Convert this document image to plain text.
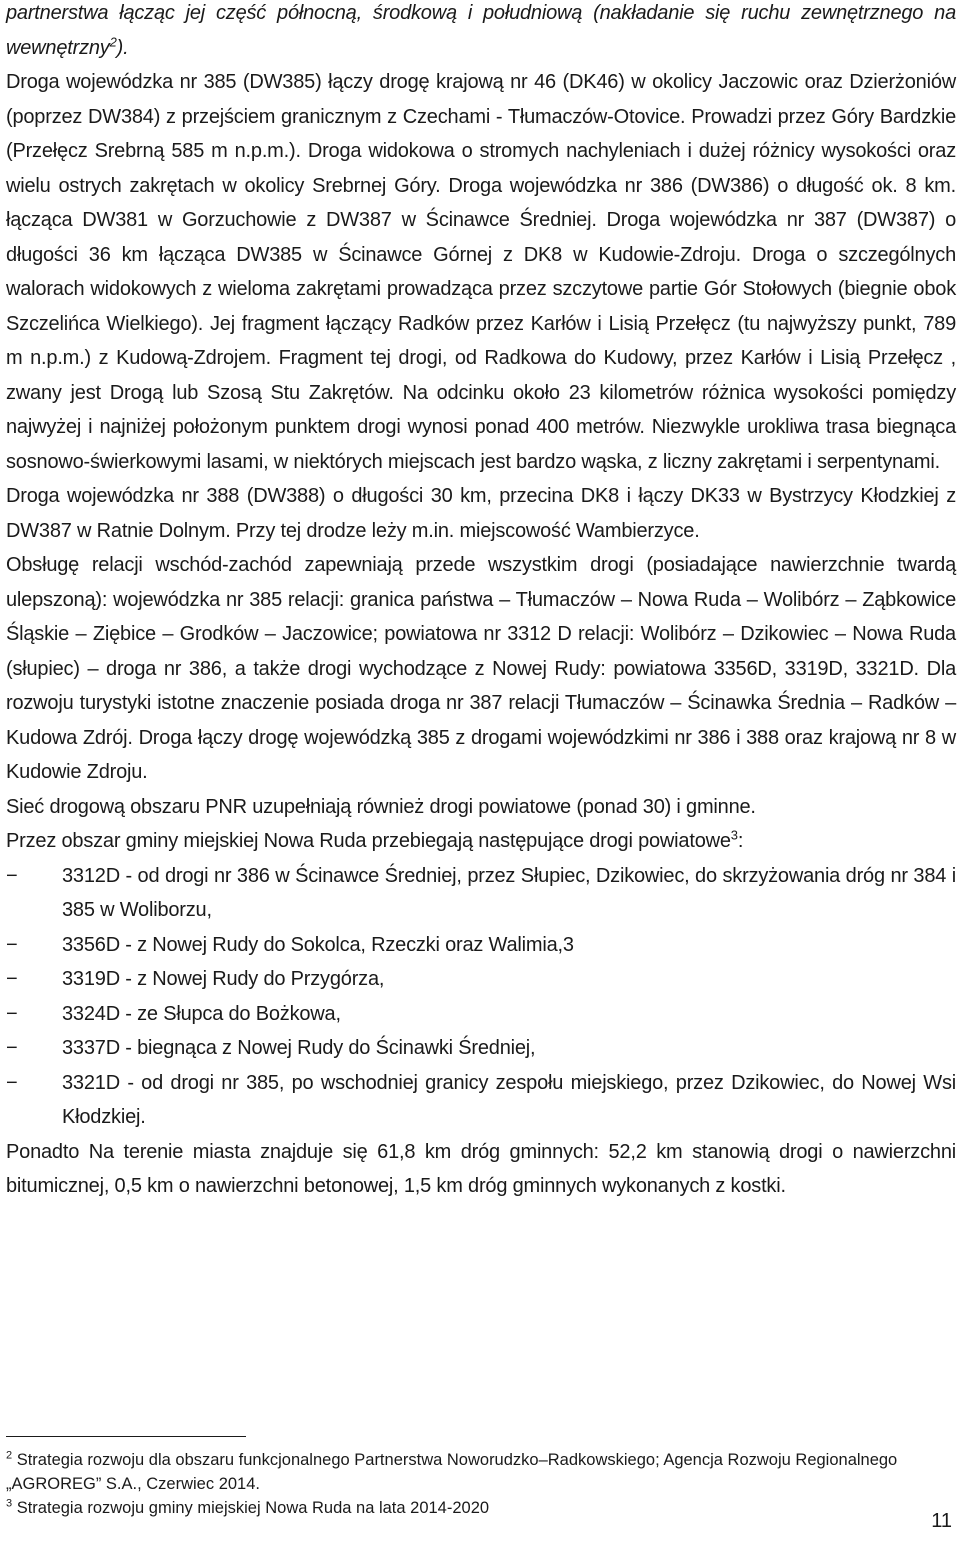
partnerstwa łącząc jej część północną, środkową i południową (nakładanie się ruchu zewnętrznego na wewnętrzny$^2$).

Droga wojewódzka nr 385 (DW385) łączy drogę krajową nr 46 (DK46) w okolicy Jaczowic oraz Dzierżoniów (poprzez DW384) z przejściem granicznym z Czechami - Tłumaczów-Otovice. Prowadzi przez Góry Bardzkie (Przełęcz Srebrną 585 m n.p.m.). Droga widokowa o stromych nachyleniach i dużej różnicy wysokości oraz wielu ostrych zakrętach w okolicy Srebrnej Góry. Droga wojewódzka nr 386 (DW386) o długość ok. 8 km. łącząca DW381 w Gorzuchowie z DW387 w Ścinawce Średniej. Droga wojewódzka nr 387 (DW387) o długości 36 km łącząca DW385 w Ścinawce Górnej z DK8 w Kudowie-Zdroju. Droga o szczególnych walorach widokowych z wieloma zakrętami prowadząca przez szczytowe partie Gór Stołowych (biegnie obok Szczelińca Wielkiego). Jej fragment łączący Radków przez Karłów i Lisią Przełęcz (tu najwyższy punkt, 789 m n.p.m.) z Kudową-Zdrojem. Fragment tej drogi, od Radkowa do Kudowy, przez Karłów i Lisią Przełęcz , zwany jest Drogą lub Szosą Stu Zakrętów. Na odcinku około 23 kilometrów różnica wysokości pomiędzy najwyżej i najniżej położonym punktem drogi wynosi ponad 400 metrów. Niezwykle urokliwa trasa biegnąca sosnowo-świerkowymi lasami, w niektórych miejscach jest bardzo wąska, z liczny zakrętami i serpentynami.

Droga wojewódzka nr 388 (DW388) o długości 30 km, przecina DK8 i łączy DK33 w Bystrzycy Kłodzkiej z DW387 w Ratnie Dolnym. Przy tej drodze leży m.in. miejscowość Wambierzyce.

Obsługę relacji wschód-zachód zapewniają przede wszystkim drogi (posiadające nawierzchnie twardą ulepszoną): wojewódzka nr 385 relacji: granica państwa – Tłumaczów – Nowa Ruda – Wolibórz – Ząbkowice Śląskie – Ziębice – Grodków – Jaczowice; powiatowa nr 3312 D relacji: Wolibórz – Dzikowiec – Nowa Ruda (słupiec) – droga nr 386, a także drogi wychodzące z Nowej Rudy: powiatowa 3356D, 3319D, 3321D. Dla rozwoju turystyki istotne znaczenie posiada droga nr 387 relacji Tłumaczów – Ścinawka Średnia – Radków – Kudowa Zdrój. Droga łączy drogę wojewódzką 385 z drogami wojewódzkimi nr 386 i 388 oraz krajową nr 8 w Kudowie Zdroju.

Sieć drogową obszaru PNR uzupełniają również drogi powiatowe (ponad 30) i gminne.

Przez obszar gminy miejskiej Nowa Ruda przebiegają następujące drogi powiatowe$^3$:

− 3312D - od drogi nr 386 w Ścinawce Średniej, przez Słupiec, Dzikowiec, do skrzyżowania dróg nr 384 i 385 w Woliborzu,
− 3356D - z Nowej Rudy do Sokolca, Rzeczki oraz Walimia,3
− 3319D - z Nowej Rudy do Przygórza,
− 3324D - ze Słupca do Bożkowa,
− 3337D - biegnąca z Nowej Rudy do Ścinawki Średniej,
− 3321D - od drogi nr 385, po wschodniej granicy zespołu miejskiego, przez Dzikowiec, do Nowej Wsi Kłodzkiej.

Ponadto Na terenie miasta znajduje się 61,8 km dróg gminnych: 52,2 km stanowią drogi o nawierzchni bitumicznej, 0,5 km o nawierzchni betonowej, 1,5 km dróg gminnych wykonanych z kostki.

$^2$ Strategia rozwoju dla obszaru funkcjonalnego Partnerstwa Noworudzko–Radkowskiego; Agencja Rozwoju Regionalnego „AGROREG” S.A., Czerwiec 2014.

$^3$ Strategia rozwoju gminy miejskiej Nowa Ruda na lata 2014-2020

11
